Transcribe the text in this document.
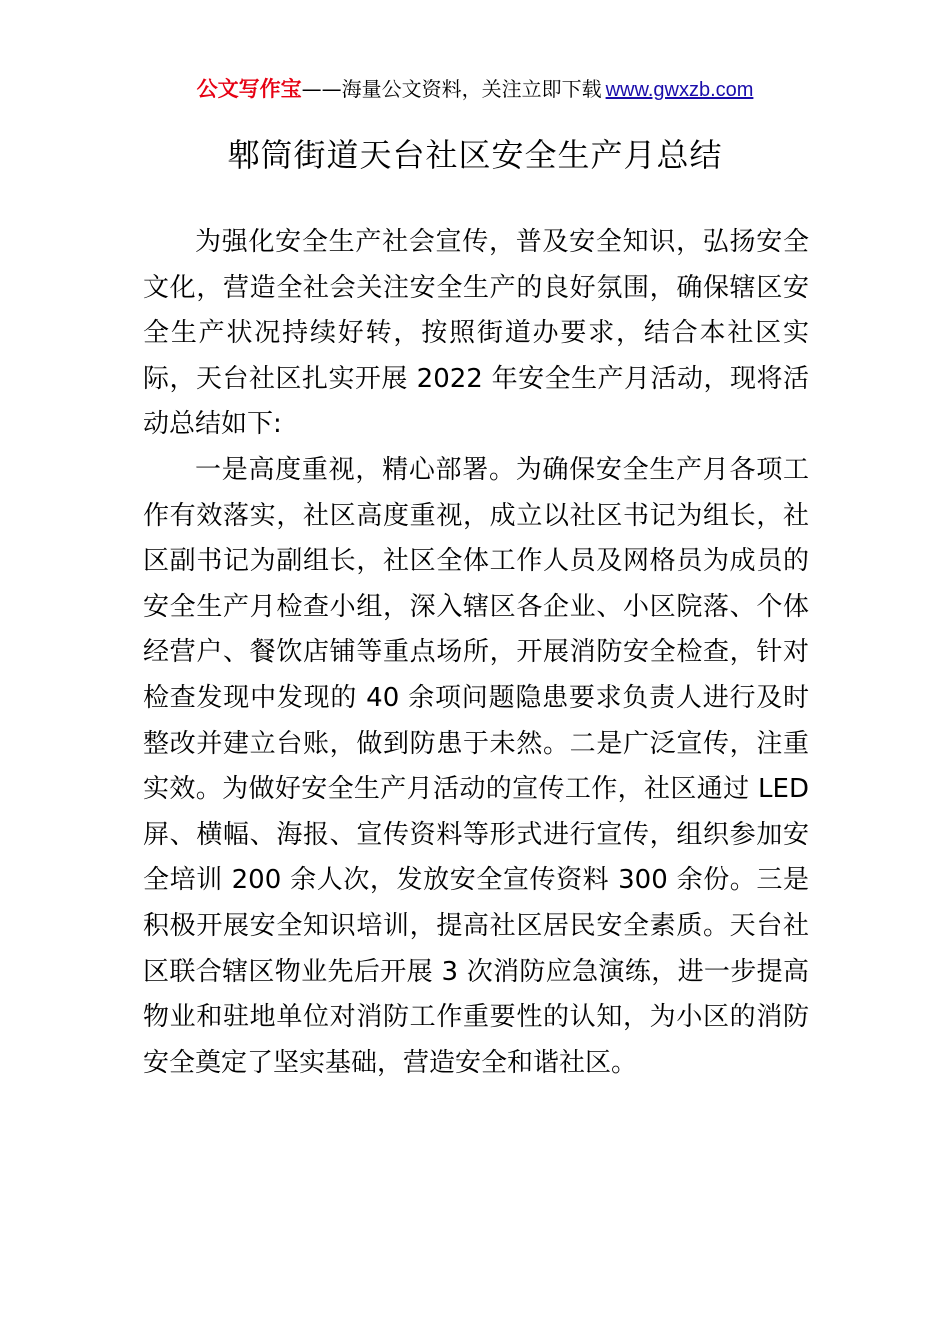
公文写作宝——海量公文资料，关注立即下载 www.gwxzb.com
郫筒街道天台社区安全生产月总结

为强化安全生产社会宣传，普及安全知识，弘扬安全文化，营造全社会关注安全生产的良好氛围，确保辖区安全生产状况持续好转，按照街道办要求，结合本社区实际，天台社区扎实开展 2022 年安全生产月活动，现将活动总结如下:

一是高度重视，精心部署。为确保安全生产月各项工作有效落实，社区高度重视，成立以社区书记为组长，社区副书记为副组长，社区全体工作人员及网格员为成员的安全生产月检查小组，深入辖区各企业、小区院落、个体经营户、餐饮店铺等重点场所，开展消防安全检查，针对检查发现中发现的 40 余项问题隐患要求负责人进行及时整改并建立台账，做到防患于未然。二是广泛宣传，注重实效。为做好安全生产月活动的宣传工作，社区通过 LED 屏、横幅、海报、宣传资料等形式进行宣传，组织参加安全培训 200 余人次，发放安全宣传资料 300 余份。三是积极开展安全知识培训，提高社区居民安全素质。天台社区联合辖区物业先后开展 3 次消防应急演练，进一步提高物业和驻地单位对消防工作重要性的认知，为小区的消防安全奠定了坚实基础，营造安全和谐社区。
